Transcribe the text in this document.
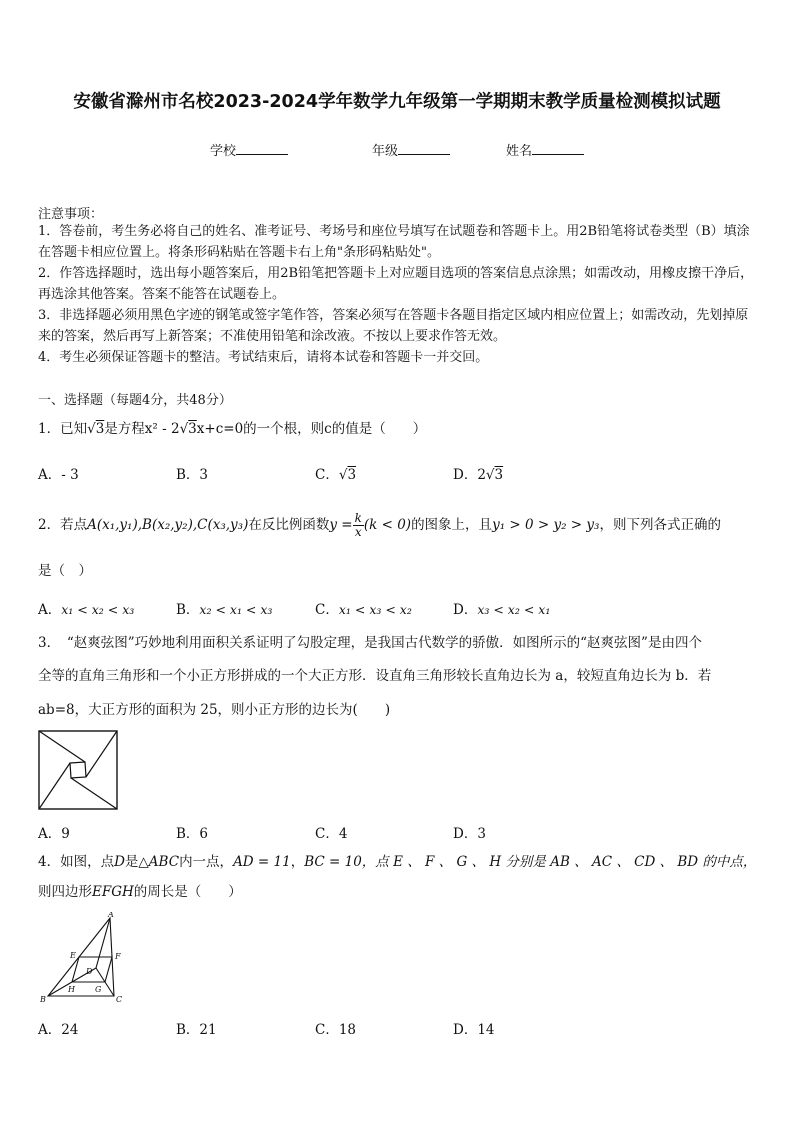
安徽省滁州市名校2023-2024学年数学九年级第一学期期末教学质量检测模拟试题
学校	年级	姓名
注意事项：
1．答卷前，考生务必将自己的姓名、准考证号、考场号和座位号填写在试题卷和答题卡上。用2B铅笔将试卷类型（B）填涂在答题卡相应位置上。将条形码粘贴在答题卡右上角"条形码粘贴处"。
2．作答选择题时，选出每小题答案后，用2B铅笔把答题卡上对应题目选项的答案信息点涂黑；如需改动，用橡皮擦干净后，再选涂其他答案。答案不能答在试题卷上。
3．非选择题必须用黑色字迹的钢笔或签字笔作答，答案必须写在答题卡各题目指定区域内相应位置上；如需改动，先划掉原来的答案，然后再写上新答案；不准使用铅笔和涂改液。不按以上要求作答无效。
4．考生必须保证答题卡的整洁。考试结束后，请将本试卷和答题卡一并交回。
一、选择题（每题4分，共48分）
1．已知√3是方程x² - 2√3x+c=0的一个根，则c的值是（　　）
A．- 3	B．3	C．√3	D．2√3
2．若点A(x₁,y₁),B(x₂,y₂),C(x₃,y₃)在反比例函数$y = \frac{k}{x} (k < 0)$的图象上，且y₁ > 0 > y₂ > y₃，则下列各式正确的
是（　）
A．x₁ < x₂ < x₃	B．x₂ < x₁ < x₃	C．x₁ < x₃ < x₂	D．x₃ < x₂ < x₁
3．　“赵爽弦图”巧妙地利用面积关系证明了勾股定理，是我国古代数学的骄傲．如图所示的“赵爽弦图”是由四个
全等的直角三角形和一个小正方形拼成的一个大正方形．设直角三角形较长直角边长为 a，较短直角边长为 b．若
ab=8，大正方形的面积为 25，则小正方形的边长为(　　)
A．9	B．6	C．4	D．3
4．如图，点D是△ABC内一点，AD = 11，BC = 10，点 E 、 F 、 G 、 H 分别是 AB 、 AC 、 CD 、 BD 的中点，
则四边形EFGH的周长是（　　）
A
B	C
D
E	F
G
H
A．24	B．21	C．18	D．14
